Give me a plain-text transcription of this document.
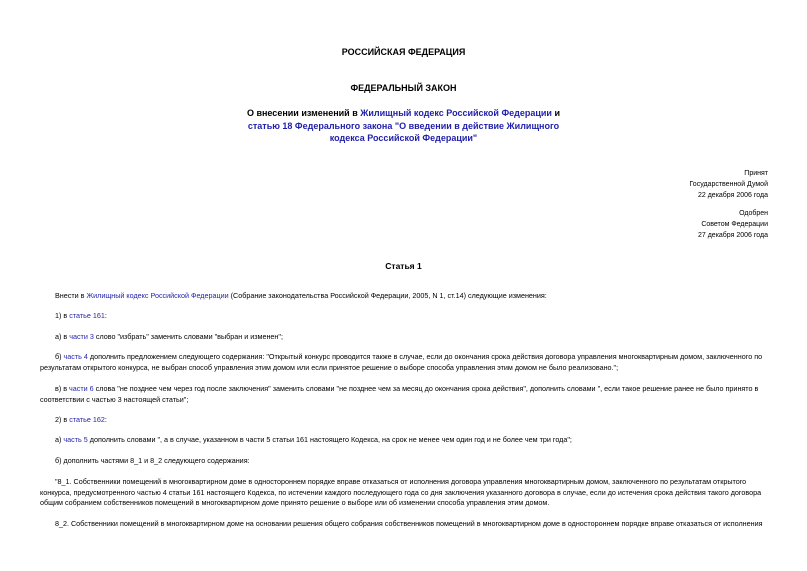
РОССИЙСКАЯ ФЕДЕРАЦИЯ
ФЕДЕРАЛЬНЫЙ ЗАКОН
О внесении изменений в Жилищный кодекс Российской Федерации и статью 18 Федерального закона "О введении в действие Жилищного кодекса Российской Федерации"
Принят
Государственной Думой
22 декабря 2006 года
Одобрен
Советом Федерации
27 декабря 2006 года
Статья 1
Внести в Жилищный кодекс Российской Федерации (Собрание законодательства Российской Федерации, 2005, N 1, ст.14) следующие изменения:
1) в статье 161:
а) в части 3 слово "избрать" заменить словами "выбран и изменен";
б) часть 4 дополнить предложением следующего содержания: "Открытый конкурс проводится также в случае, если до окончания срока действия договора управления многоквартирным домом, заключенного по результатам открытого конкурса, не выбран способ управления этим домом или если принятое решение о выборе способа управления этим домом не было реализовано.";
в) в части 6 слова "не позднее чем через год после заключения" заменить словами "не позднее чем за месяц до окончания срока действия", дополнить словами ", если такое решение ранее не было принято в соответствии с частью 3 настоящей статьи";
2) в статье 162:
а) часть 5 дополнить словами ", а в случае, указанном в части 5 статьи 161 настоящего Кодекса, на срок не менее чем один год и не более чем три года";
б) дополнить частями 8_1 и 8_2 следующего содержания:
"8_1. Собственники помещений в многоквартирном доме в одностороннем порядке вправе отказаться от исполнения договора управления многоквартирным домом, заключенного по результатам открытого конкурса, предусмотренного частью 4 статьи 161 настоящего Кодекса, по истечении каждого последующего года со дня заключения указанного договора в случае, если до истечения срока действия такого договора общим собранием собственников помещений в многоквартирном доме принято решение о выборе или об изменении способа управления этим домом.
8_2. Собственники помещений в многоквартирном доме на основании решения общего собрания собственников помещений в многоквартирном доме в одностороннем порядке вправе отказаться от исполнения
